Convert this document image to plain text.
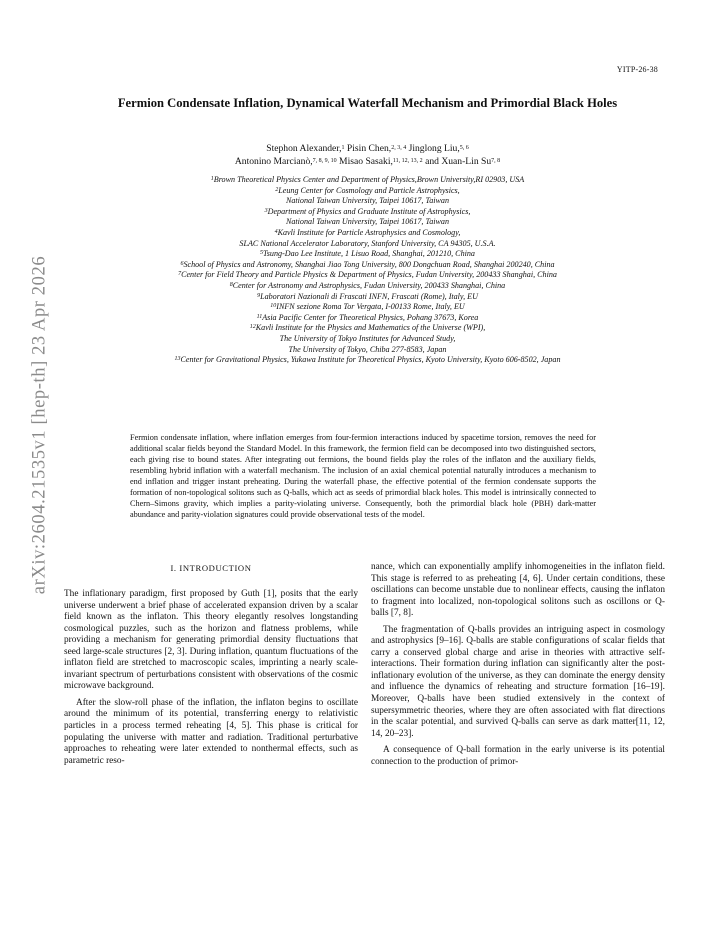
YITP-26-38
arXiv:2604.21535v1 [hep-th] 23 Apr 2026
Fermion Condensate Inflation, Dynamical Waterfall Mechanism and Primordial Black Holes
Stephon Alexander,$^1$ Pisin Chen,$^{2, 3, 4}$ Jinglong Liu,$^{5, 6}$
Antonino Marcianò,$^{7, 8, 9, 10}$ Misao Sasaki,$^{11, 12, 13, 2}$ and Xuan-Lin Su$^{7, 8}$
$^1$Brown Theoretical Physics Center and Department of Physics,Brown University,RI 02903, USA
$^2$Leung Center for Cosmology and Particle Astrophysics,
National Taiwan University, Taipei 10617, Taiwan
$^3$Department of Physics and Graduate Institute of Astrophysics,
National Taiwan University, Taipei 10617, Taiwan
$^4$Kavli Institute for Particle Astrophysics and Cosmology,
SLAC National Accelerator Laboratory, Stanford University, CA 94305, U.S.A.
$^5$Tsung-Dao Lee Institute, 1 Lisuo Road, Shanghai, 201210, China
$^6$School of Physics and Astronomy, Shanghai Jiao Tong University, 800 Dongchuan Road, Shanghai 200240, China
$^7$Center for Field Theory and Particle Physics & Department of Physics, Fudan University, 200433 Shanghai, China
$^8$Center for Astronomy and Astrophysics, Fudan University, 200433 Shanghai, China
$^9$Laboratori Nazionali di Frascati INFN, Frascati (Rome), Italy, EU
$^{10}$INFN sezione Roma Tor Vergata, I-00133 Rome, Italy, EU
$^{11}$Asia Pacific Center for Theoretical Physics, Pohang 37673, Korea
$^{12}$Kavli Institute for the Physics and Mathematics of the Universe (WPI),
The University of Tokyo Institutes for Advanced Study,
The University of Tokyo, Chiba 277-8583, Japan
$^{13}$Center for Gravitational Physics, Yukawa Institute for Theoretical Physics, Kyoto University, Kyoto 606-8502, Japan
Fermion condensate inflation, where inflation emerges from four-fermion interactions induced by spacetime torsion, removes the need for additional scalar fields beyond the Standard Model. In this framework, the fermion field can be decomposed into two distinguished sectors, each giving rise to bound states. After integrating out fermions, the bound fields play the roles of the inflaton and the auxiliary fields, resembling hybrid inflation with a waterfall mechanism. The inclusion of an axial chemical potential naturally introduces a mechanism to end inflation and trigger instant preheating. During the waterfall phase, the effective potential of the fermion condensate supports the formation of non-topological solitons such as Q-balls, which act as seeds of primordial black holes. This model is intrinsically connected to Chern–Simons gravity, which implies a parity-violating universe. Consequently, both the primordial black hole (PBH) dark-matter abundance and parity-violation signatures could provide observational tests of the model.
I. INTRODUCTION

The inflationary paradigm, first proposed by Guth [1], posits that the early universe underwent a brief phase of accelerated expansion driven by a scalar field known as the inflaton. This theory elegantly resolves longstanding cosmological puzzles, such as the horizon and flatness problems, while providing a mechanism for generating primordial density fluctuations that seed large-scale structures [2, 3]. During inflation, quantum fluctuations of the inflaton field are stretched to macroscopic scales, imprinting a nearly scale-invariant spectrum of perturbations consistent with observations of the cosmic microwave background.

After the slow-roll phase of the inflation, the inflaton begins to oscillate around the minimum of its potential, transferring energy to relativistic particles in a process termed reheating [4, 5]. This phase is critical for populating the universe with matter and radiation. Traditional perturbative approaches to reheating were later extended to nonthermal effects, such as parametric reso-

nance, which can exponentially amplify inhomogeneities in the inflaton field. This stage is referred to as preheating [4, 6]. Under certain conditions, these oscillations can become unstable due to nonlinear effects, causing the inflaton to fragment into localized, non-topological solitons such as oscillons or Q-balls [7, 8].

The fragmentation of Q-balls provides an intriguing aspect in cosmology and astrophysics [9–16]. Q-balls are stable configurations of scalar fields that carry a conserved global charge and arise in theories with attractive self-interactions. Their formation during inflation can significantly alter the post-inflationary evolution of the universe, as they can dominate the energy density and influence the dynamics of reheating and structure formation [16–19]. Moreover, Q-balls have been studied extensively in the context of supersymmetric theories, where they are often associated with flat directions in the scalar potential, and survived Q-balls can serve as dark matter[11, 12, 14, 20–23].

A consequence of Q-ball formation in the early universe is its potential connection to the production of primor-
